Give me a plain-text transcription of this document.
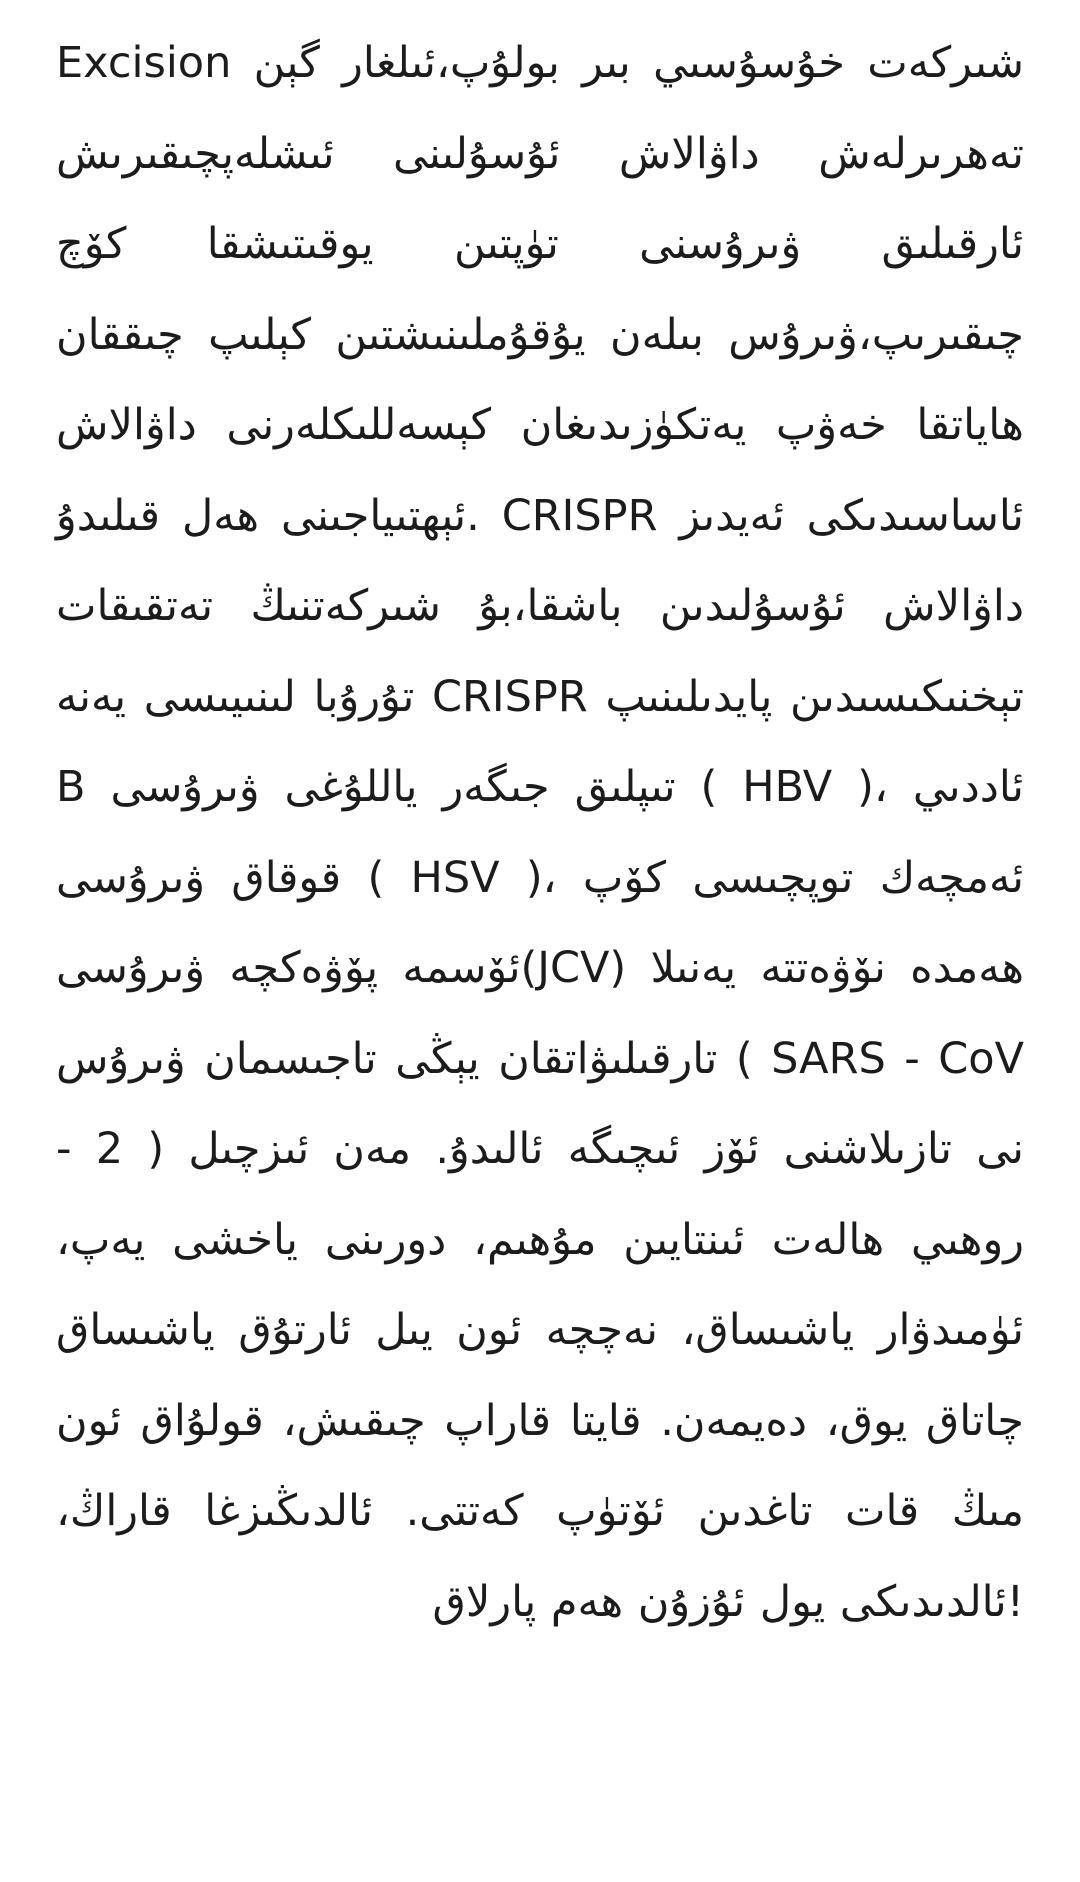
Excision شىركەت خۇسۇسىي بىر بولۇپ،ئىلغار گېن تەھرىرلەش داۋالاش ئۇسۇلىنى ئىشلەپچىقىرىش ئارقىلىق ۋىرۇسنى تۈپتىن يوقىتىشقا كۆچ چىقىرىپ،ۋىرۇس بىلەن يۇقۇملىنىشتىن كېلىپ چىققان ھاياتقا خەۋپ يەتكۈزىدىغان كېسەللىكلەرنى داۋالاش ئېھتىياجىنى ھەل قىلىدۇ. CRISPR ئاساسىدىكى ئەيدىز داۋالاش ئۇسۇلىدىن باشقا،بۇ شىركەتنىڭ تەتقىقات تۇرۇبا لىنىيىسى يەنە CRISPR تېخنىكىسىدىن پايدىلىنىپ B تىپلىق جىگەر ياللۇغى ۋىرۇسى ( HBV )، ئاددىي قوقاق ۋىرۇسى ( HSV )، ئەمچەك توپچىسى كۆپ ئۆسمە پۆۋەكچە ۋىرۇسى(JCV) ھەمدە نۆۋەتتە يەنىلا تارقىلىۋاتقان يېڭى تاجىسمان ۋىرۇس ( SARS - CoV - 2 ) نى تازىلاشنى ئۆز ئىچىگە ئالىدۇ. مەن ئىزچىل روھىي ھالەت ئىنتايىن مۇھىم، دورىنى ياخشى يەپ، ئۈمىدۋار ياشىساق، نەچچە ئون يىل ئارتۇق ياشىساق چاتاق يوق، دەيمەن. قايتا قاراپ چىقىش، قولۇاق ئون مىڭ قات تاغدىن ئۆتۈپ كەتتى. ئالدىڭىزغا قاراڭ، ئالدىدىكى يول ئۇزۇن ھەم پارلاق!
